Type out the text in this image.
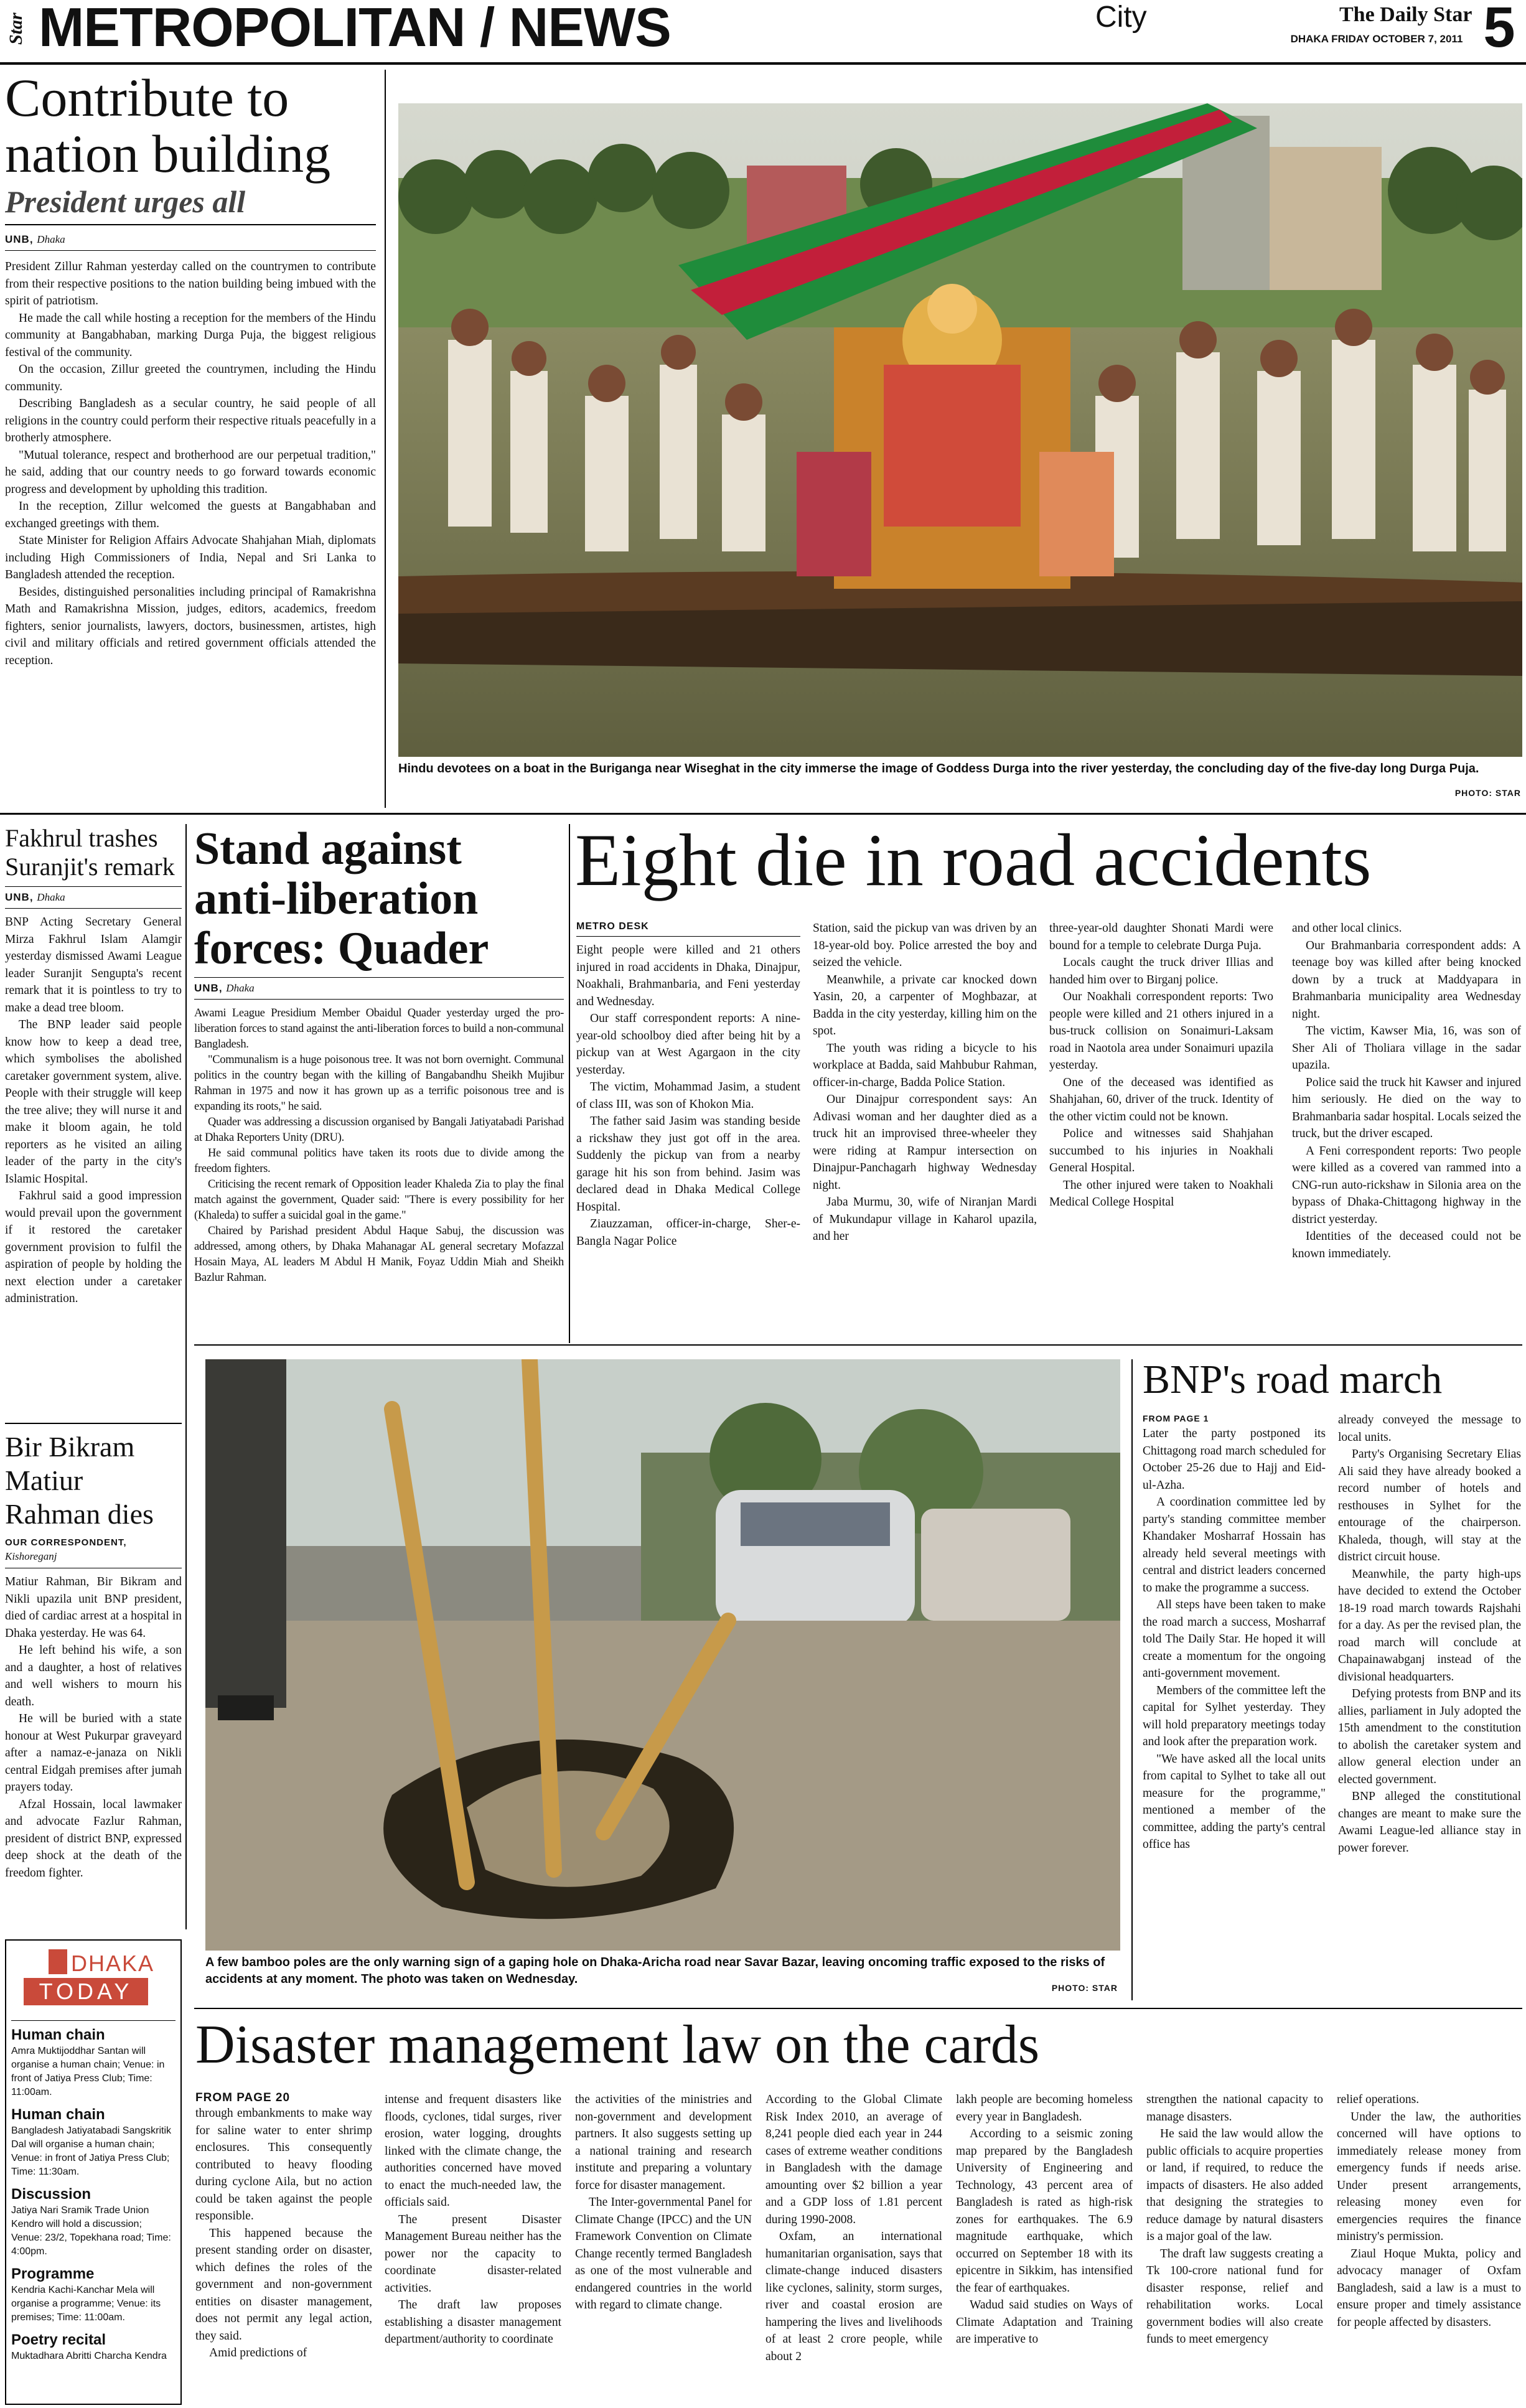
Star METROPOLITAN / NEWS	City	The Daily Star
DHAKA FRIDAY OCTOBER 7, 2011 5
Contribute to nation building
President urges all
UNB, Dhaka

President Zillur Rahman yesterday called on the countrymen to contribute from their respective positions to the nation building being imbued with the spirit of patriotism.

He made the call while hosting a reception for the members of the Hindu community at Bangabhaban, marking Durga Puja, the biggest religious festival of the community.

On the occasion, Zillur greeted the countrymen, including the Hindu community.

Describing Bangladesh as a secular country, he said people of all religions in the country could perform their respective rituals peacefully in a brotherly atmosphere.

"Mutual tolerance, respect and brotherhood are our perpetual tradition," he said, adding that our country needs to go forward towards economic progress and development by upholding this tradition.

In the reception, Zillur welcomed the guests at Bangabhaban and exchanged greetings with them.

State Minister for Religion Affairs Advocate Shahjahan Miah, diplomats including High Commissioners of India, Nepal and Sri Lanka to Bangladesh attended the reception.

Besides, distinguished personalities including principal of Ramakrishna Math and Ramakrishna Mission, judges, editors, academics, freedom fighters, senior journalists, lawyers, doctors, businessmen, artistes, high civil and military officials and retired government officials attended the reception.

Hindu devotees on a boat in the Buriganga near Wiseghat in the city immerse the image of Goddess Durga into the river yesterday, the concluding day of the five-day long Durga Puja.
PHOTO: STAR
Fakhrul trashes Suranjit's remark
UNB, Dhaka

BNP Acting Secretary General Mirza Fakhrul Islam Alamgir yesterday dismissed Awami League leader Suranjit Sengupta's recent remark that it is pointless to try to make a dead tree bloom.

The BNP leader said people know how to keep a dead tree, which symbolises the abolished caretaker government system, alive. People with their struggle will keep the tree alive; they will nurse it and make it bloom again, he told reporters as he visited an ailing leader of the party in the city's Islamic Hospital.

Fakhrul said a good impression would prevail upon the government if it restored the caretaker government provision to fulfil the aspiration of people by holding the next election under a caretaker administration.

Bir Bikram Matiur Rahman dies
OUR CORRESPONDENT,
Kishoreganj

Matiur Rahman, Bir Bikram and Nikli upazila unit BNP president, died of cardiac arrest at a hospital in Dhaka yesterday. He was 64.

He left behind his wife, a son and a daughter, a host of relatives and well wishers to mourn his death.

He will be buried with a state honour at West Pukurpar graveyard after a namaz-e-janaza on Nikli central Eidgah premises after jumah prayers today.

Afzal Hossain, local lawmaker and advocate Fazlur Rahman, president of district BNP, expressed deep shock at the death of the freedom fighter.

Stand against anti-liberation forces: Quader
UNB, Dhaka

Awami League Presidium Member Obaidul Quader yesterday urged the pro-liberation forces to stand against the anti-liberation forces to build a non-communal Bangladesh.

"Communalism is a huge poisonous tree. It was not born overnight. Communal politics in the country began with the killing of Bangabandhu Sheikh Mujibur Rahman in 1975 and now it has grown up as a terrific poisonous tree and is expanding its roots," he said.

Quader was addressing a discussion organised by Bangali Jatiyatabadi Parishad at Dhaka Reporters Unity (DRU).

He said communal politics have taken its roots due to divide among the freedom fighters.

Criticising the recent remark of Opposition leader Khaleda Zia to play the final match against the government, Quader said: "There is every possibility for her (Khaleda) to suffer a suicidal goal in the game."

Chaired by Parishad president Abdul Haque Sabuj, the discussion was addressed, among others, by Dhaka Mahanagar AL general secretary Mofazzal Hosain Maya, AL leaders M Abdul H Manik, Foyaz Uddin Miah and Sheikh Bazlur Rahman.

Eight die in road accidents
METRO DESK

Eight people were killed and 21 others injured in road accidents in Dhaka, Dinajpur, Noakhali, Brahmanbaria, and Feni yesterday and Wednesday.

Our staff correspondent reports: A nine-year-old schoolboy died after being hit by a pickup van at West Agargaon in the city yesterday.

The victim, Mohammad Jasim, a student of class III, was son of Khokon Mia.

The father said Jasim was standing beside a rickshaw they just got off in the area. Suddenly the pickup van from a nearby garage hit his son from behind. Jasim was declared dead in Dhaka Medical College Hospital.

Ziauzzaman, officer-in-charge, Sher-e-Bangla Nagar Police

Station, said the pickup van was driven by an 18-year-old boy. Police arrested the boy and seized the vehicle.

Meanwhile, a private car knocked down Yasin, 20, a carpenter of Moghbazar, at Badda in the city yesterday, killing him on the spot.

The youth was riding a bicycle to his workplace at Badda, said Mahbubur Rahman, officer-in-charge, Badda Police Station.

Our Dinajpur correspondent says: An Adivasi woman and her daughter died as a truck hit an improvised three-wheeler they were riding at Rampur intersection on Dinajpur-Panchagarh highway Wednesday night.

Jaba Murmu, 30, wife of Niranjan Mardi of Mukundapur village in Kaharol upazila, and her

three-year-old daughter Shonati Mardi were bound for a temple to celebrate Durga Puja.

Locals caught the truck driver Illias and handed him over to Birganj police.

Our Noakhali correspondent reports: Two people were killed and 21 others injured in a bus-truck collision on Sonaimuri-Laksam road in Naotola area under Sonaimuri upazila yesterday.

One of the deceased was identified as Shahjahan, 60, driver of the truck. Identity of the other victim could not be known.

Police and witnesses said Shahjahan succumbed to his injuries in Noakhali General Hospital.

The other injured were taken to Noakhali Medical College Hospital

and other local clinics.

Our Brahmanbaria correspondent adds: A teenage boy was killed after being knocked down by a truck at Maddyapara in Brahmanbaria municipality area Wednesday night.

The victim, Kawser Mia, 16, was son of Sher Ali of Tholiara village in the sadar upazila.

Police said the truck hit Kawser and injured him seriously. He died on the way to Brahmanbaria sadar hospital. Locals seized the truck, but the driver escaped.

A Feni correspondent reports: Two people were killed as a covered van rammed into a CNG-run auto-rickshaw in Silonia area on the bypass of Dhaka-Chittagong highway in the district yesterday.

Identities of the deceased could not be known immediately.

A few bamboo poles are the only warning sign of a gaping hole on Dhaka-Aricha road near Savar Bazar, leaving oncoming traffic exposed to the risks of accidents at any moment. The photo was taken on Wednesday.
PHOTO: STAR
BNP's road march
FROM PAGE 1

Later the party postponed its Chittagong road march scheduled for October 25-26 due to Hajj and Eid-ul-Azha.

A coordination committee led by party's standing committee member Khandaker Mosharraf Hossain has already held several meetings with central and district leaders concerned to make the programme a success.

All steps have been taken to make the road march a success, Mosharraf told The Daily Star. He hoped it will create a momentum for the ongoing anti-government movement.

Members of the committee left the capital for Sylhet yesterday. They will hold preparatory meetings today and look after the preparation work.

"We have asked all the local units from capital to Sylhet to take all out measure for the programme," mentioned a member of the committee, adding the party's central office has

already conveyed the message to local units.

Party's Organising Secretary Elias Ali said they have already booked a record number of hotels and resthouses in Sylhet for the entourage of the chairperson. Khaleda, though, will stay at the district circuit house.

Meanwhile, the party high-ups have decided to extend the October 18-19 road march towards Rajshahi for a day. As per the revised plan, the road march will conclude at Chapainawabganj instead of the divisional headquarters.

Defying protests from BNP and its allies, parliament in July adopted the 15th amendment to the constitution to abolish the caretaker system and allow general election under an elected government.

BNP alleged the constitutional changes are meant to make sure the Awami League-led alliance stay in power forever.

DHAKA
TODAY
Human chain
Amra Muktijoddhar Santan will organise a human chain; Venue: in front of Jatiya Press Club; Time: 11:00am.
Human chain
Bangladesh Jatiyatabadi Sangskritik Dal will organise a human chain; Venue: in front of Jatiya Press Club; Time: 11:30am.
Discussion
Jatiya Nari Sramik Trade Union Kendro will hold a discussion; Venue: 23/2, Topekhana road; Time: 4:00pm.
Programme
Kendria Kachi-Kanchar Mela will organise a programme; Venue: its premises; Time: 11:00am.
Poetry recital
Muktadhara Abritti Charcha Kendra
Disaster management law on the cards
FROM PAGE 20

through embankments to make way for saline water to enter shrimp enclosures. This consequently contributed to heavy flooding during cyclone Aila, but no action could be taken against the people responsible.

This happened because the present standing order on disaster, which defines the roles of the government and non-government entities on disaster management, does not permit any legal action, they said.

Amid predictions of

intense and frequent disasters like floods, cyclones, tidal surges, river erosion, water logging, droughts linked with the climate change, the authorities concerned have moved to enact the much-needed law, the officials said.

The present Disaster Management Bureau neither has the power nor the capacity to coordinate disaster-related activities.

The draft law proposes establishing a disaster management department/authority to coordinate

the activities of the ministries and non-government and development partners. It also suggests setting up a national training and research institute and preparing a voluntary force for disaster management.

The Inter-governmental Panel for Climate Change (IPCC) and the UN Framework Convention on Climate Change recently termed Bangladesh as one of the most vulnerable and endangered countries in the world with regard to climate change.

According to the Global Climate Risk Index 2010, an average of 8,241 people died each year in 244 cases of extreme weather conditions in Bangladesh with the damage amounting over $2 billion a year and a GDP loss of 1.81 percent during 1990-2008.

Oxfam, an international humanitarian organisation, says that climate-change induced disasters like cyclones, salinity, storm surges, river and coastal erosion are hampering the lives and livelihoods of at least 2 crore people, while about 2

lakh people are becoming homeless every year in Bangladesh.

According to a seismic zoning map prepared by the Bangladesh University of Engineering and Technology, 43 percent area of Bangladesh is rated as high-risk zones for earthquakes. The 6.9 magnitude earthquake, which occurred on September 18 with its epicentre in Sikkim, has intensified the fear of earthquakes.

Wadud said studies on Ways of Climate Adaptation and Training are imperative to

strengthen the national capacity to manage disasters.

He said the law would allow the public officials to acquire properties or land, if required, to reduce the impacts of disasters. He also added that designing the strategies to reduce damage by natural disasters is a major goal of the law.

The draft law suggests creating a Tk 100-crore national fund for disaster response, relief and rehabilitation works. Local government bodies will also create funds to meet emergency

relief operations.

Under the law, the authorities concerned will have options to immediately release money from emergency funds if needs arise. Under present arrangements, releasing money even for emergencies requires the finance ministry's permission.

Ziaul Hoque Mukta, policy and advocacy manager of Oxfam Bangladesh, said a law is a must to ensure proper and timely assistance for people affected by disasters.
